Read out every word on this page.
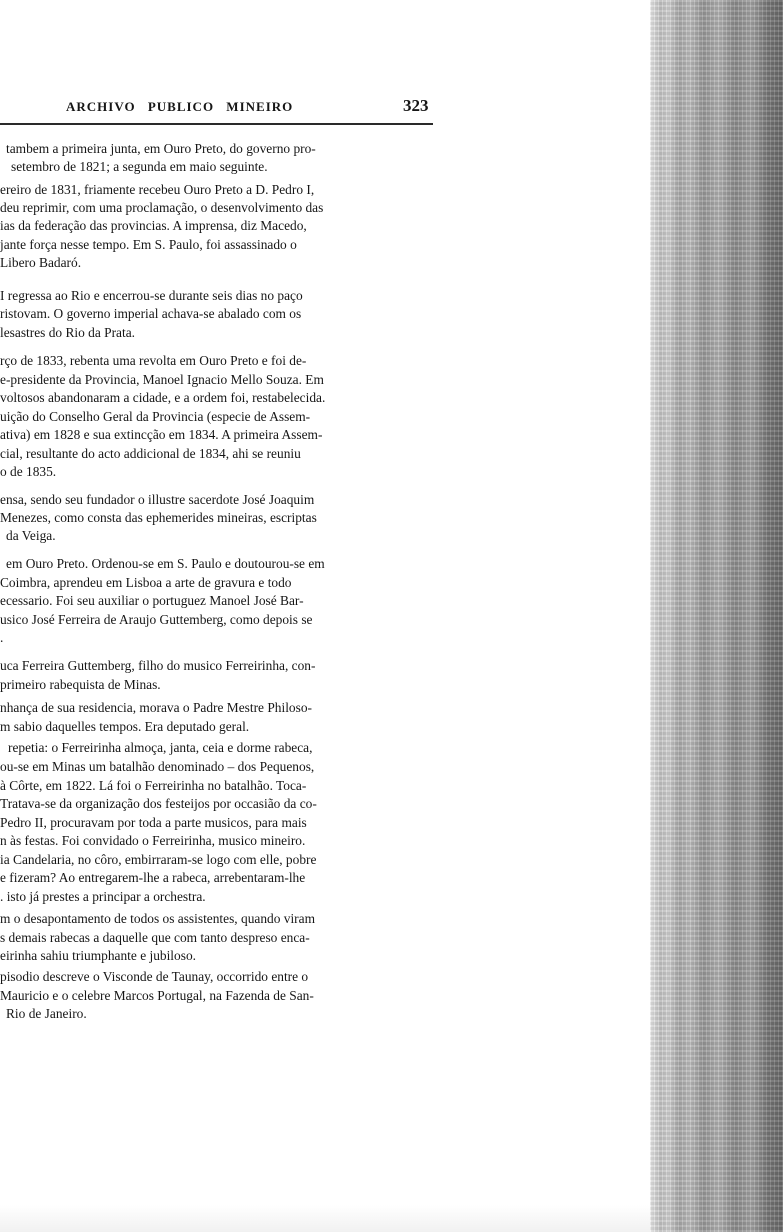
ARCHIVO PUBLICO MINEIRO	323
tambem a primeira junta, em Ouro Preto, do governo pro-
setembro de 1821; a segunda em maio seguinte.
ereiro de 1831, friamente recebeu Ouro Preto a D. Pedro I,
deu reprimir, com uma proclamação, o desenvolvimento das
ias da federação das provincias. A imprensa, diz Macedo,
jante força nesse tempo. Em S. Paulo, foi assassinado o
Libero Badaró.
I regressa ao Rio e encerrou-se durante seis dias no paço
ristovam. O governo imperial achava-se abalado com os
lesastres do Rio da Prata.
rço de 1833, rebenta uma revolta em Ouro Preto e foi de-
e-presidente da Provincia, Manoel Ignacio Mello Souza. Em
voltosos abandonaram a cidade, e a ordem foi, restabelecida.
uição do Conselho Geral da Provincia (especie de Assem-
ativa) em 1828 e sua extincção em 1834. A primeira Assem-
cial, resultante do acto addicional de 1834, ahi se reuniu
o de 1835.
ensa, sendo seu fundador o illustre sacerdote José Joaquim
Menezes, como consta das ephemerides mineiras, escriptas
da Veiga.
em Ouro Preto. Ordenou-se em S. Paulo e doutourou-se em
Coimbra, aprendeu em Lisboa a arte de gravura e todo
ecessario. Foi seu auxiliar o portuguez Manoel José Bar-
usico José Ferreira de Araujo Guttemberg, como depois se
.
uca Ferreira Guttemberg, filho do musico Ferreirinha, con-
primeiro rabequista de Minas.
nhança de sua residencia, morava o Padre Mestre Philoso-
m sabio daquelles tempos. Era deputado geral.
repetia: o Ferreirinha almoça, janta, ceia e dorme rabeca,
ou-se em Minas um batalhão denominado – dos Pequenos,
à Côrte, em 1822. Lá foi o Ferreirinha no batalhão. Toca-
Tratava-se da organização dos festeijos por occasião da co-
Pedro II, procuravam por toda a parte musicos, para mais
n às festas. Foi convidado o Ferreirinha, musico mineiro.
ia Candelaria, no côro, embirraram-se logo com elle, pobre
e fizeram? Ao entregarem-lhe a rabeca, arrebentaram-lhe
. isto já prestes a principar a orchestra.
m o desapontamento de todos os assistentes, quando viram
s demais rabecas a daquelle que com tanto despreso enca-
eirinha sahiu triumphante e jubiloso.
pisodio descreve o Visconde de Taunay, occorrido entre o
Mauricio e o celebre Marcos Portugal, na Fazenda de San-
Rio de Janeiro.
